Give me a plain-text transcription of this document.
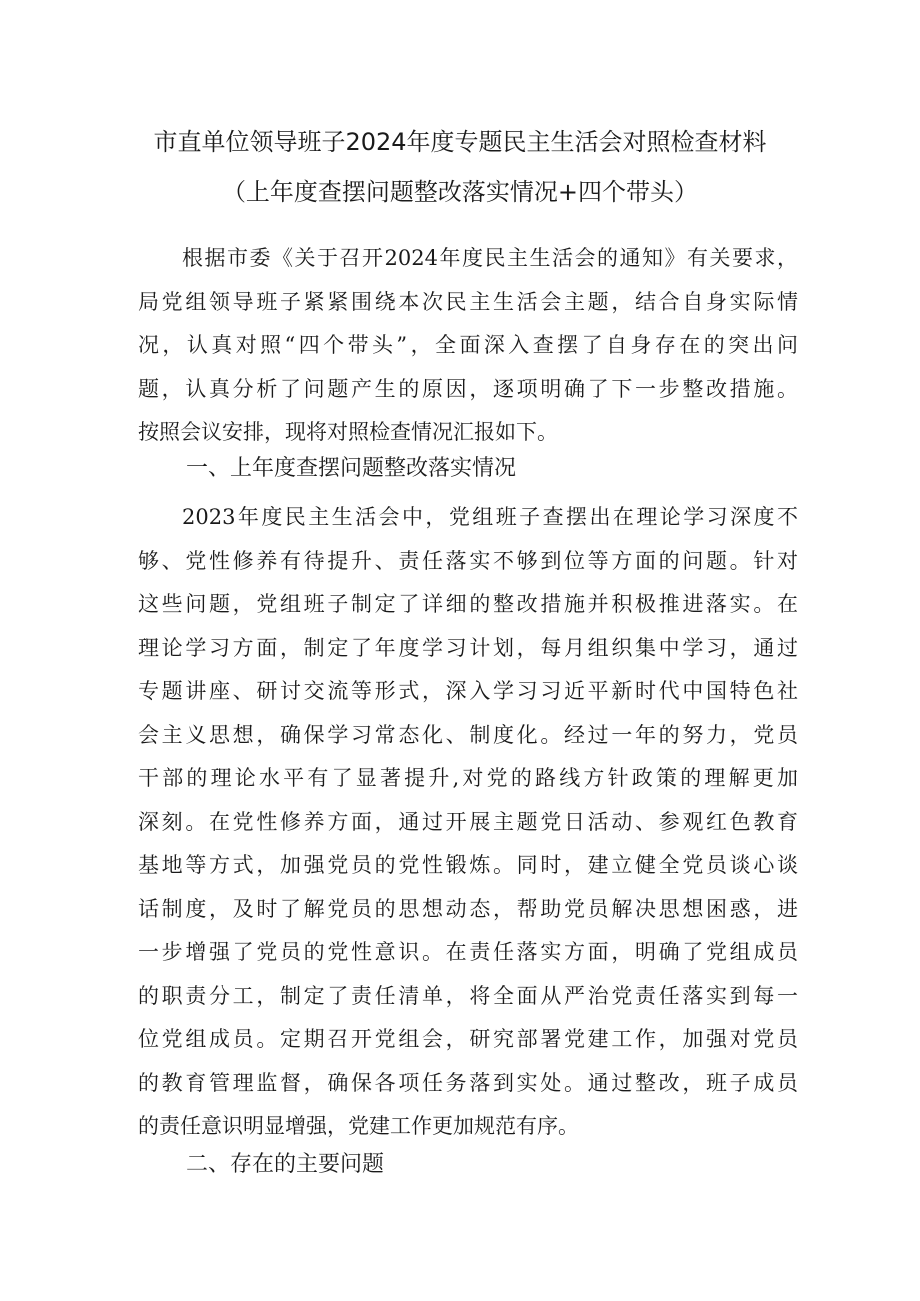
市直单位领导班子2024年度专题民主生活会对照检查材料
（上年度查摆问题整改落实情况+四个带头）
根据市委《关于召开2024年度民主生活会的通知》有关要求，
局党组领导班子紧紧围绕本次民主生活会主题，结合自身实际情
况，认真对照“四个带头”，全面深入查摆了自身存在的突出问
题，认真分析了问题产生的原因，逐项明确了下一步整改措施。
按照会议安排，现将对照检查情况汇报如下。
一、上年度查摆问题整改落实情况
2023年度民主生活会中，党组班子查摆出在理论学习深度不
够、党性修养有待提升、责任落实不够到位等方面的问题。针对
这些问题，党组班子制定了详细的整改措施并积极推进落实。在
理论学习方面，制定了年度学习计划，每月组织集中学习，通过
专题讲座、研讨交流等形式，深入学习习近平新时代中国特色社
会主义思想，确保学习常态化、制度化。经过一年的努力，党员
干部的理论水平有了显著提升,对党的路线方针政策的理解更加
深刻。在党性修养方面，通过开展主题党日活动、参观红色教育
基地等方式，加强党员的党性锻炼。同时，建立健全党员谈心谈
话制度，及时了解党员的思想动态，帮助党员解决思想困惑，进
一步增强了党员的党性意识。在责任落实方面，明确了党组成员
的职责分工，制定了责任清单，将全面从严治党责任落实到每一
位党组成员。定期召开党组会，研究部署党建工作，加强对党员
的教育管理监督，确保各项任务落到实处。通过整改，班子成员
的责任意识明显增强，党建工作更加规范有序。
二、存在的主要问题
